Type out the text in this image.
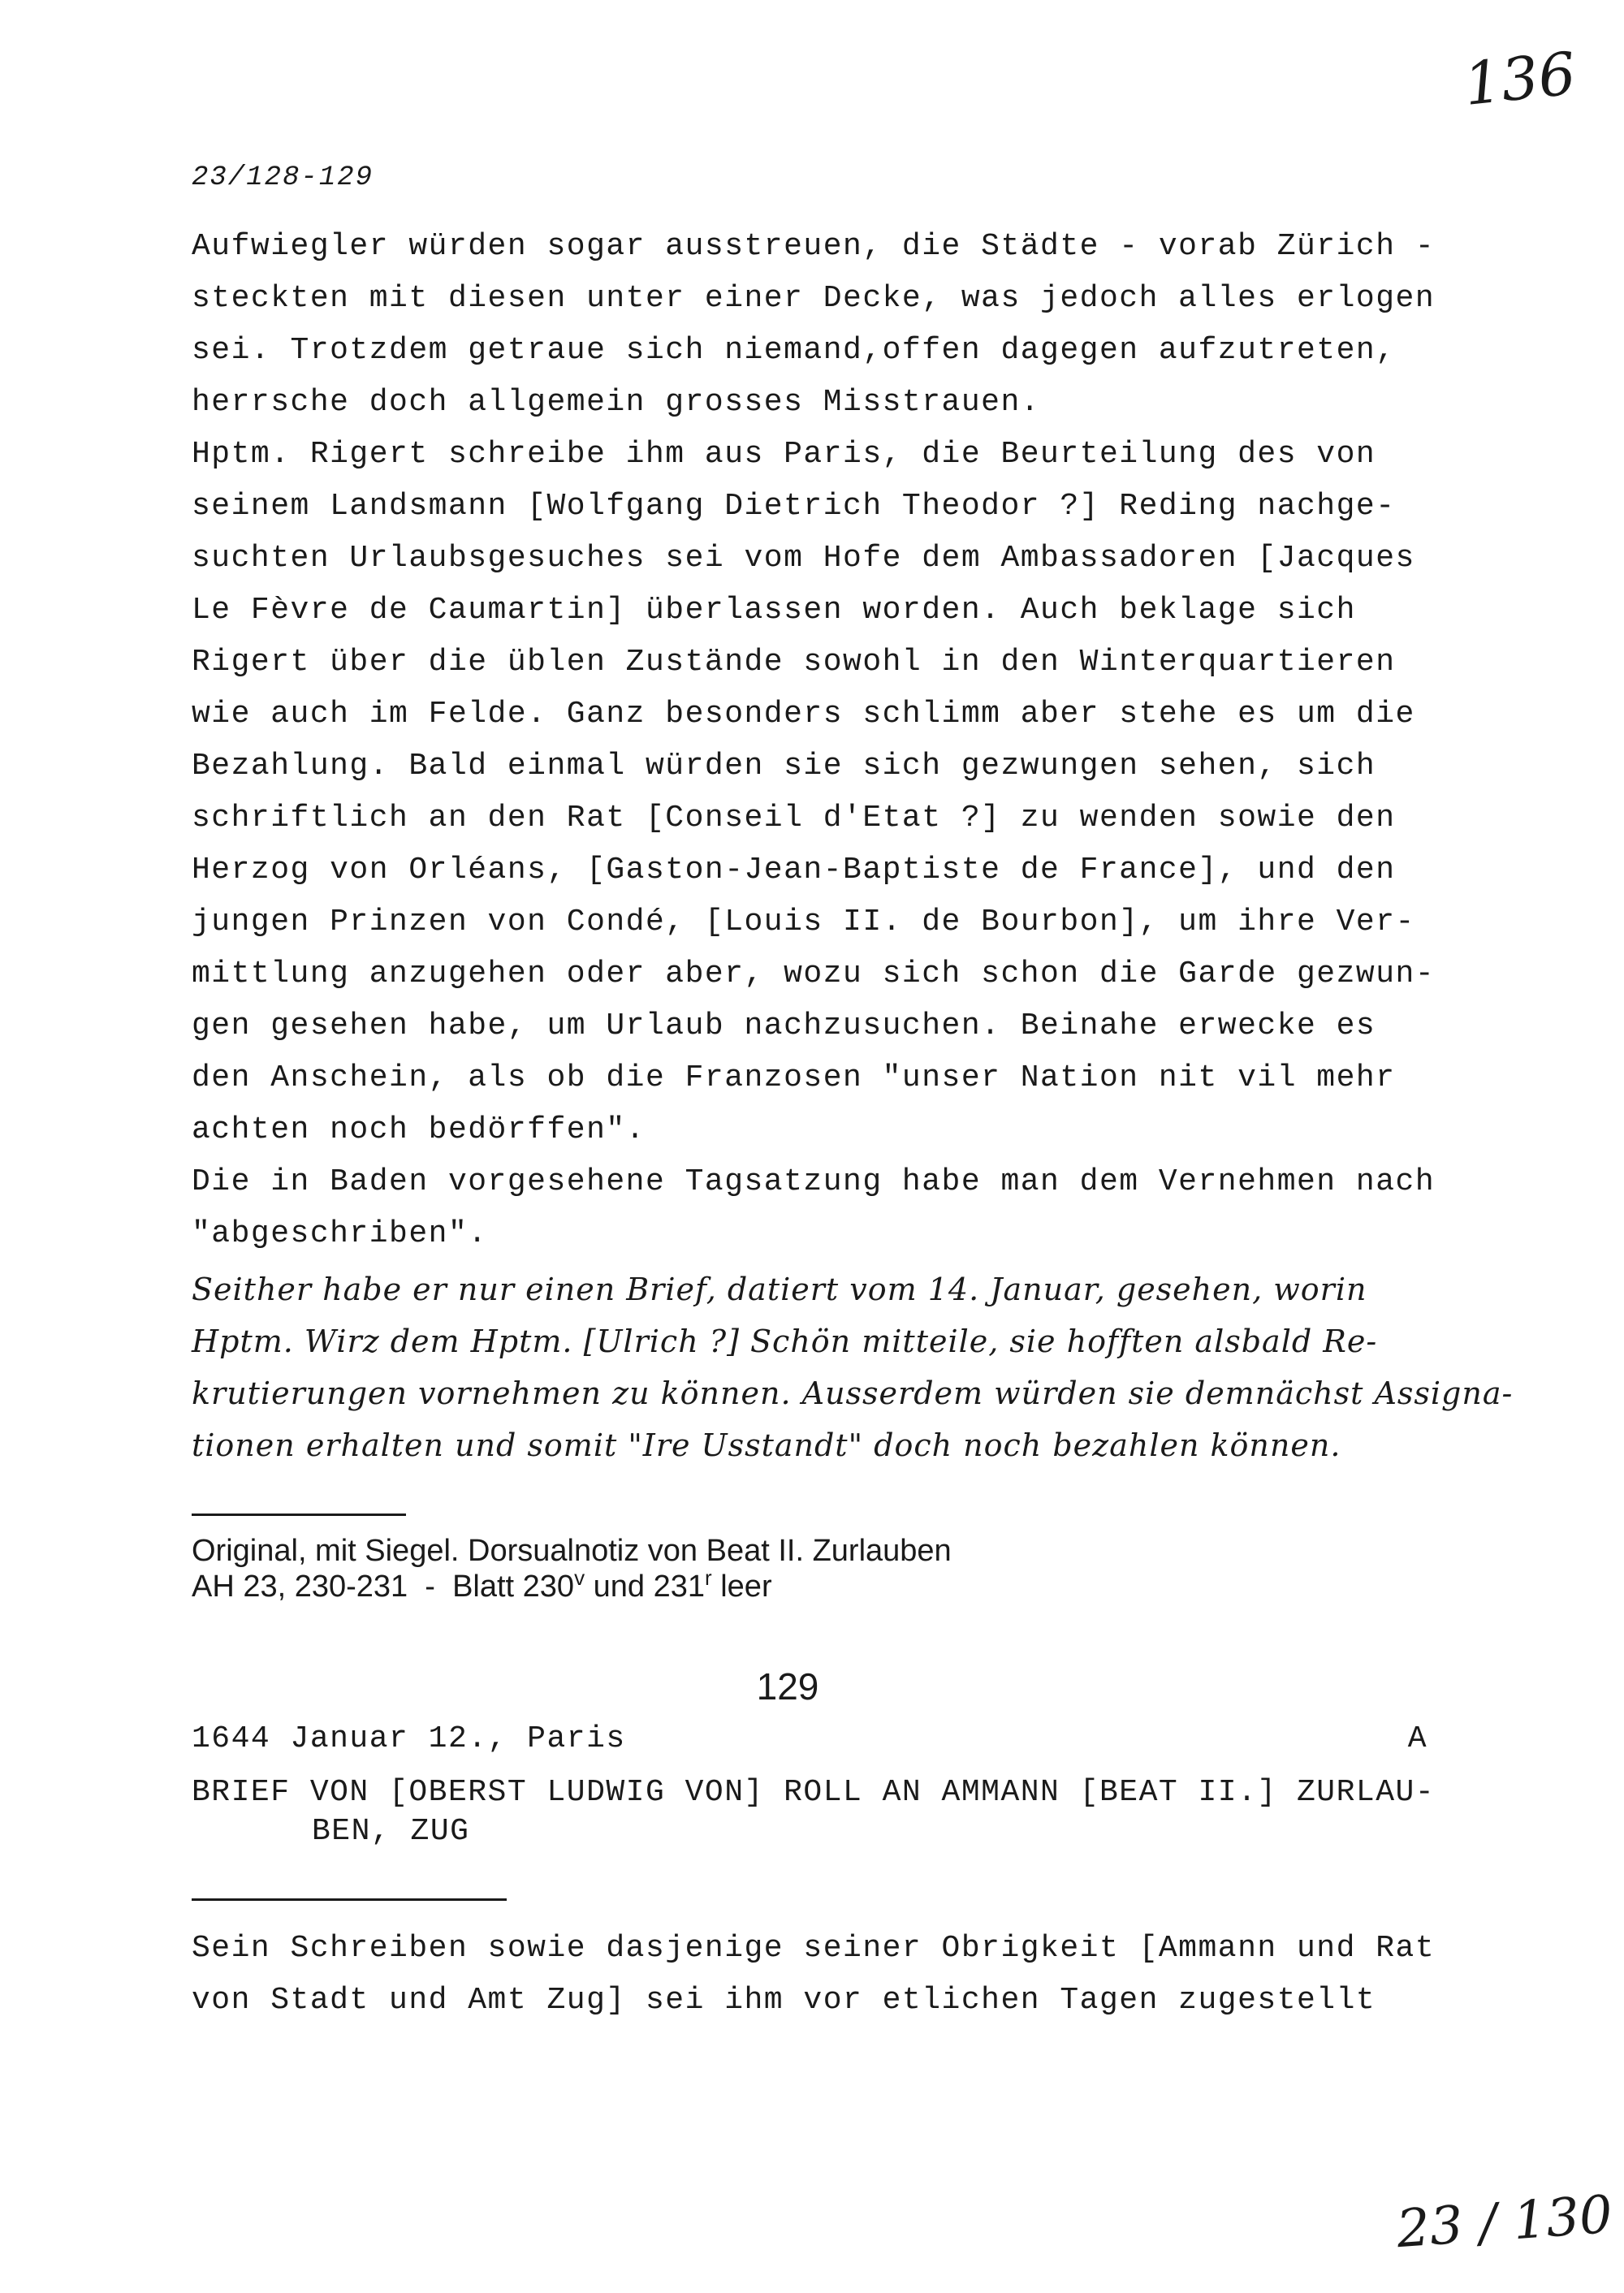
136
23/128-129
Aufwiegler würden sogar ausstreuen, die Städte - vorab Zürich -
steckten mit diesen unter einer Decke, was jedoch alles erlogen
sei. Trotzdem getraue sich niemand,offen dagegen aufzutreten,
herrsche doch allgemein grosses Misstrauen.
Hptm. Rigert schreibe ihm aus Paris, die Beurteilung des von
seinem Landsmann [Wolfgang Dietrich Theodor ?] Reding nachge-
suchten Urlaubsgesuches sei vom Hofe dem Ambassadoren [Jacques
Le Fèvre de Caumartin] überlassen worden. Auch beklage sich
Rigert über die üblen Zustände sowohl in den Winterquartieren
wie auch im Felde. Ganz besonders schlimm aber stehe es um die
Bezahlung. Bald einmal würden sie sich gezwungen sehen, sich
schriftlich an den Rat [Conseil d'Etat ?] zu wenden sowie den
Herzog von Orléans, [Gaston-Jean-Baptiste de France], und den
jungen Prinzen von Condé, [Louis II. de Bourbon], um ihre Ver-
mittlung anzugehen oder aber, wozu sich schon die Garde gezwun-
gen gesehen habe, um Urlaub nachzusuchen. Beinahe erwecke es
den Anschein, als ob die Franzosen "unser Nation nit vil mehr
achten noch bedörffen".
Die in Baden vorgesehene Tagsatzung habe man dem Vernehmen nach
"abgeschriben".
Seither habe er nur einen Brief, datiert vom 14. Januar, gesehen, worin
Hptm. Wirz dem Hptm. [Ulrich ?] Schön mitteile, sie hofften alsbald Re-
krutierungen vornehmen zu können. Ausserdem würden sie demnächst Assigna-
tionen erhalten und somit "Ire Usstandt" doch noch bezahlen können.
Original, mit Siegel. Dorsualnotiz von Beat II. Zurlauben
AH 23, 230-231  -  Blatt 230$^v$ und 231$^r$ leer
129
1644 Januar 12., Paris	A
BRIEF VON [OBERST LUDWIG VON] ROLL AN AMMANN [BEAT II.] ZURLAU-
BEN, ZUG
Sein Schreiben sowie dasjenige seiner Obrigkeit [Ammann und Rat
von Stadt und Amt Zug] sei ihm vor etlichen Tagen zugestellt
23 / 130
